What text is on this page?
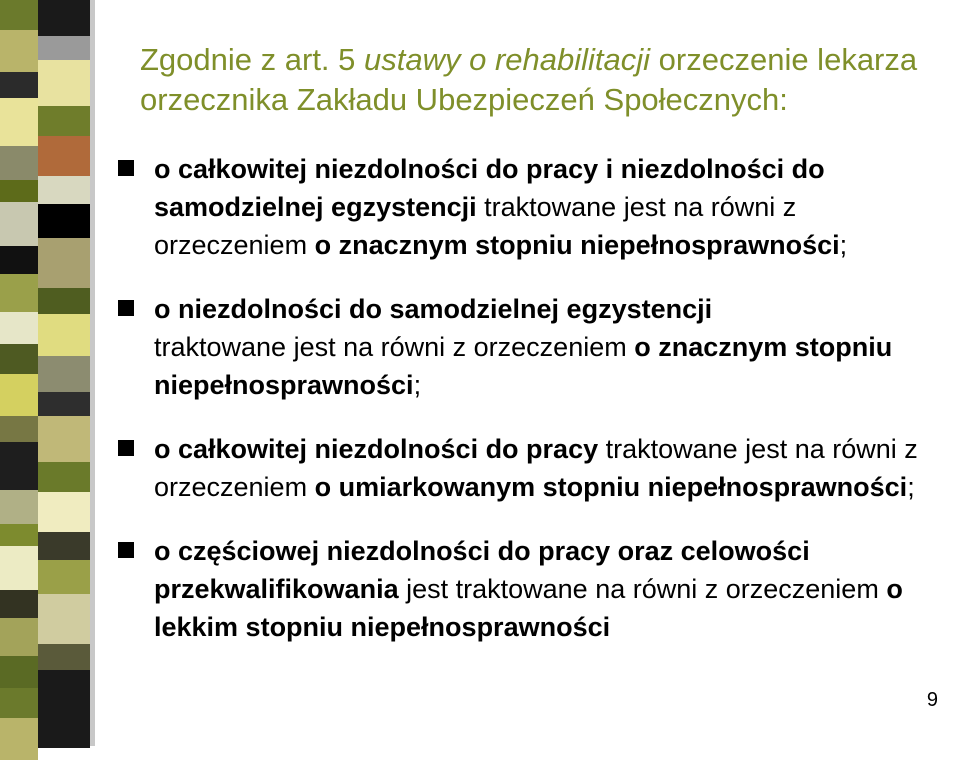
Zgodnie z art. 5 ustawy o rehabilitacji orzeczenie lekarza orzecznika Zakładu Ubezpieczeń Społecznych:
o całkowitej niezdolności do pracy i niezdolności do samodzielnej egzystencji traktowane jest na równi z orzeczeniem o znacznym stopniu niepełnosprawności;
o niezdolności do samodzielnej egzystencji
traktowane jest na równi z orzeczeniem o znacznym stopniu niepełnosprawności;
o całkowitej niezdolności do pracy traktowane jest na równi z orzeczeniem o umiarkowanym stopniu niepełnosprawności;
o częściowej niezdolności do pracy oraz celowości przekwalifikowania jest traktowane na równi z orzeczeniem o lekkim stopniu niepełnosprawności
9
